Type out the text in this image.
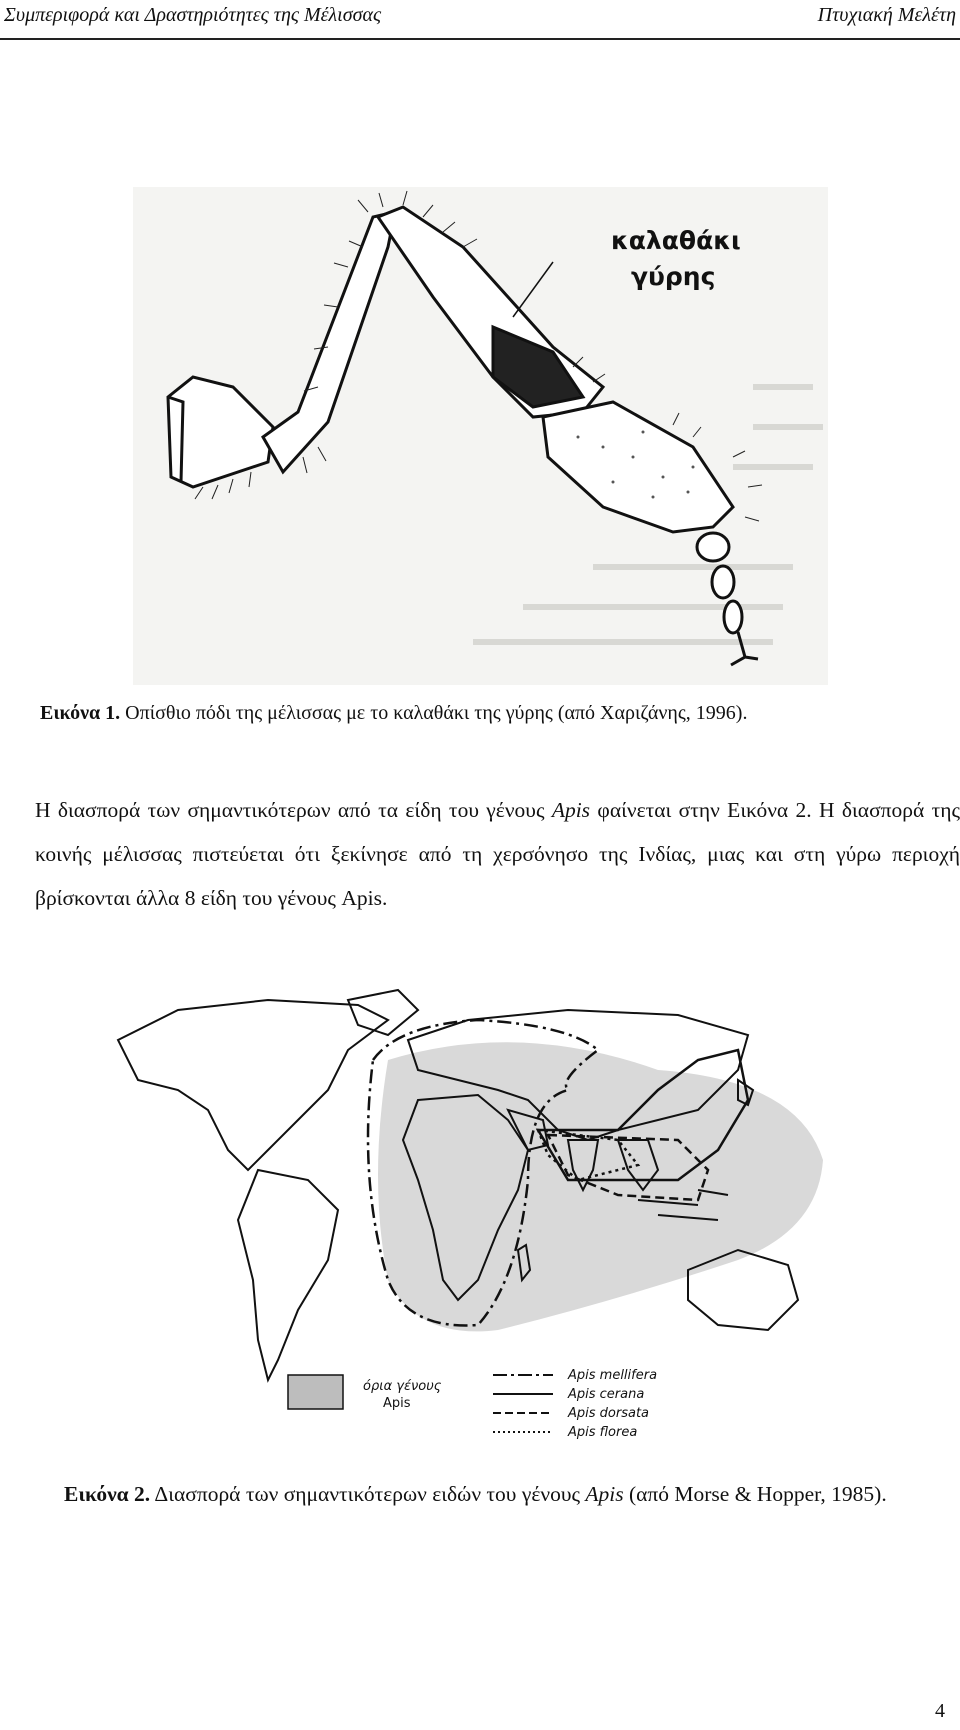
Συμπεριφορά και Δραστηριότητες της Μέλισσας	Πτυχιακή Μελέτη
καλαθάκι
γύρης
Εικόνα 1. Οπίσθιο πόδι της μέλισσας με το καλαθάκι της γύρης (από Χαριζάνης, 1996).

Η διασπορά των σημαντικότερων από τα είδη του γένους Apis φαίνεται στην Εικόνα 2. Η διασπορά της κοινής μέλισσας πιστεύεται ότι ξεκίνησε από τη χερσόνησο της Ινδίας, μιας και στη γύρω περιοχή βρίσκονται άλλα 8 είδη του γένους Apis.

όρια γένους
Apis
Apis mellifera
Apis cerana
Apis dorsata
Apis florea
Εικόνα 2. Διασπορά των σημαντικότερων ειδών του γένους Apis (από Morse & Hopper, 1985).
4
